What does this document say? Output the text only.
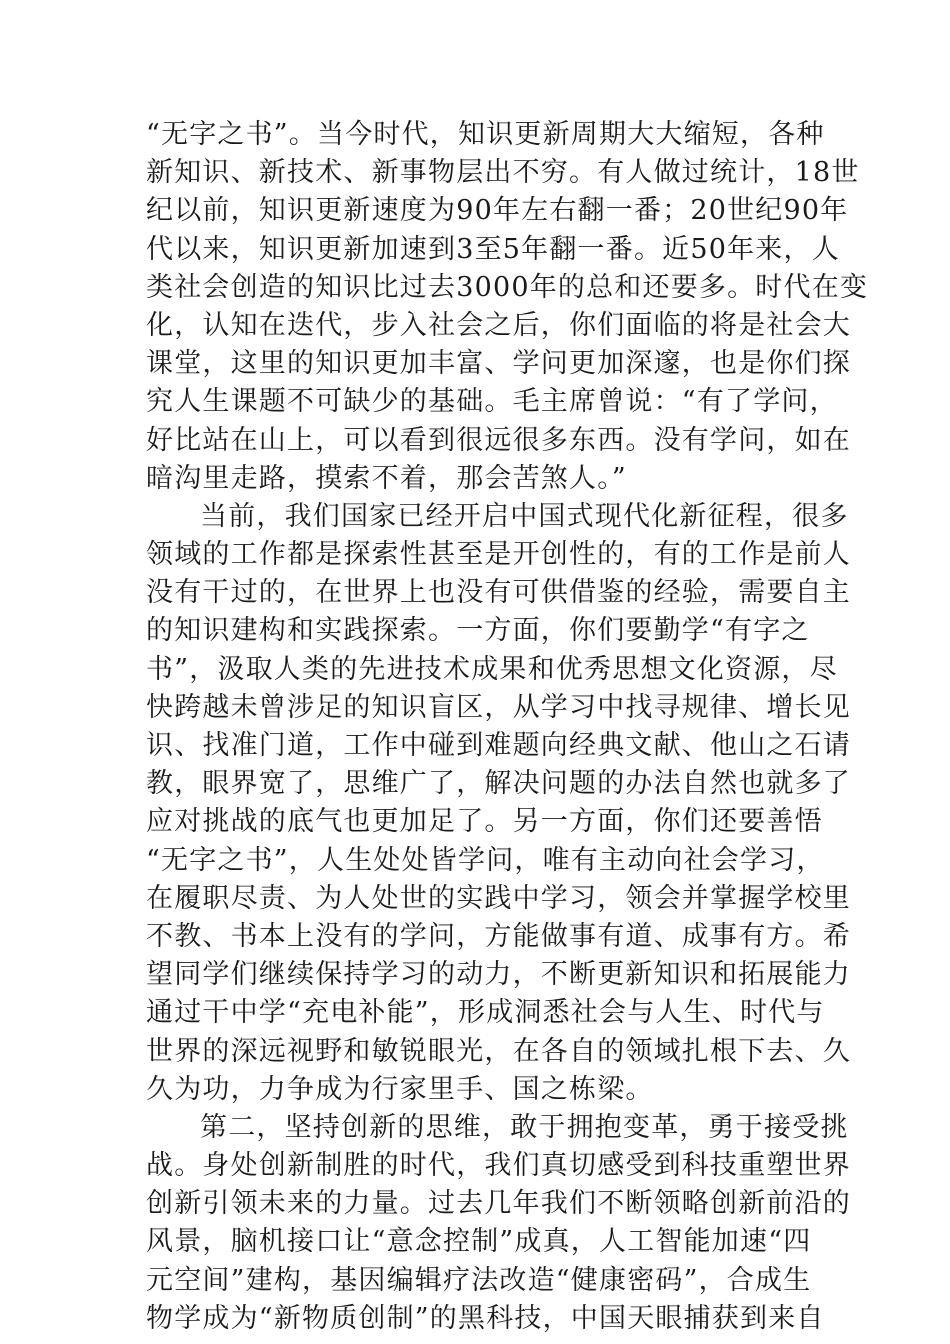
“无字之书”。当今时代，知识更新周期大大缩短，各种
新知识、新技术、新事物层出不穷。有人做过统计，18世
纪以前，知识更新速度为90年左右翻一番；20世纪90年
代以来，知识更新加速到3至5年翻一番。近50年来，人
类社会创造的知识比过去3000年的总和还要多。时代在变
化，认知在迭代，步入社会之后，你们面临的将是社会大
课堂，这里的知识更加丰富、学问更加深邃，也是你们探
究人生课题不可缺少的基础。毛主席曾说：“有了学问，
好比站在山上，可以看到很远很多东西。没有学问，如在
暗沟里走路，摸索不着，那会苦煞人。”
当前，我们国家已经开启中国式现代化新征程，很多
领域的工作都是探索性甚至是开创性的，有的工作是前人
没有干过的，在世界上也没有可供借鉴的经验，需要自主
的知识建构和实践探索。一方面，你们要勤学“有字之
书”，汲取人类的先进技术成果和优秀思想文化资源，尽
快跨越未曾涉足的知识盲区，从学习中找寻规律、增长见
识、找准门道，工作中碰到难题向经典文献、他山之石请
教，眼界宽了，思维广了，解决问题的办法自然也就多了
应对挑战的底气也更加足了。另一方面，你们还要善悟
“无字之书”，人生处处皆学问，唯有主动向社会学习，
在履职尽责、为人处世的实践中学习，领会并掌握学校里
不教、书本上没有的学问，方能做事有道、成事有方。希
望同学们继续保持学习的动力，不断更新知识和拓展能力
通过干中学“充电补能”，形成洞悉社会与人生、时代与
世界的深远视野和敏锐眼光，在各自的领域扎根下去、久
久为功，力争成为行家里手、国之栋梁。
第二，坚持创新的思维，敢于拥抱变革，勇于接受挑
战。身处创新制胜的时代，我们真切感受到科技重塑世界
创新引领未来的力量。过去几年我们不断领略创新前沿的
风景，脑机接口让“意念控制”成真，人工智能加速“四
元空间”建构，基因编辑疗法改造“健康密码”，合成生
物学成为“新物质创制”的黑科技，中国天眼捕获到来自
